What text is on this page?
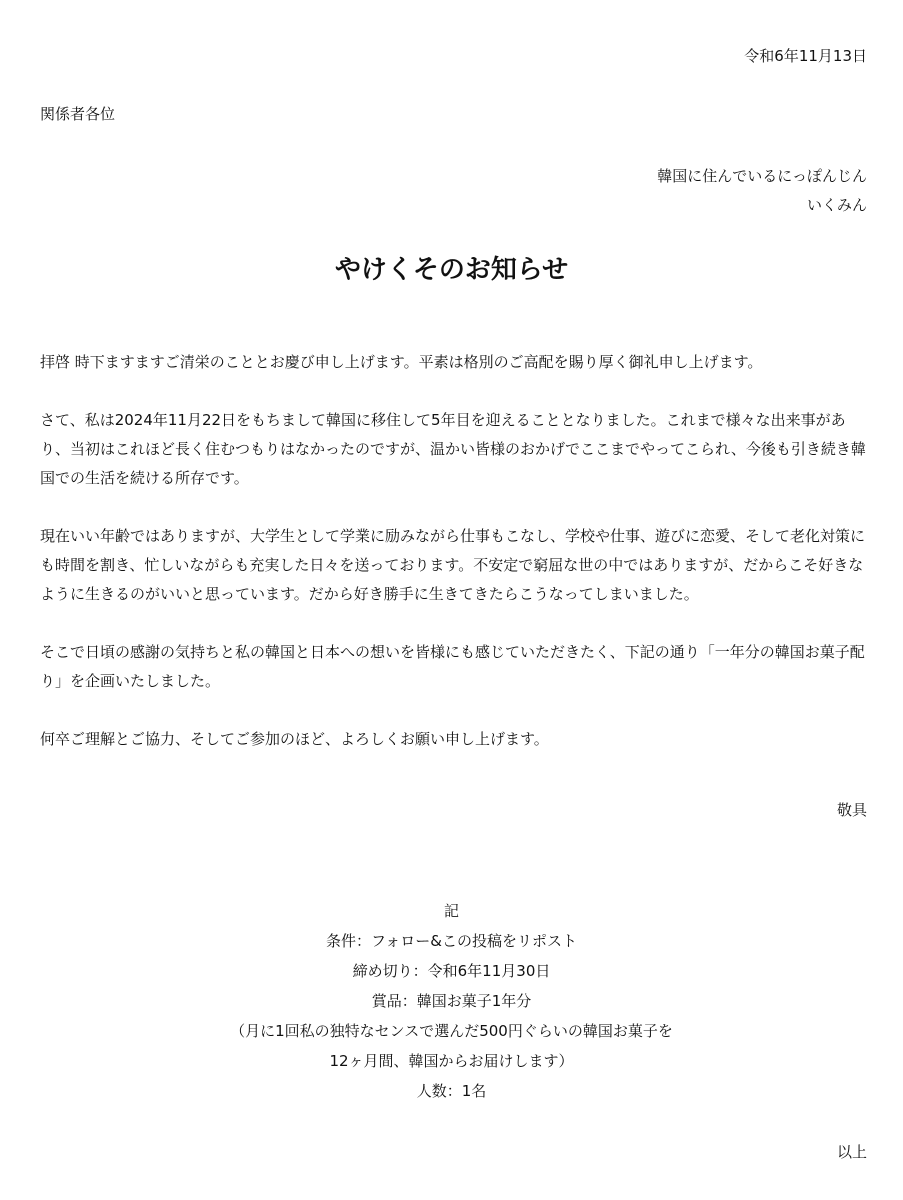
令和6年11月13日
関係者各位
韓国に住んでいるにっぽんじん
いくみん
やけくそのお知らせ

拝啓 時下ますますご清栄のこととお慶び申し上げます。平素は格別のご高配を賜り厚く御礼申し上げます。

さて、私は2024年11月22日をもちまして韓国に移住して5年目を迎えることとなりました。これまで様々な出来事があり、当初はこれほど長く住むつもりはなかったのですが、温かい皆様のおかげでここまでやってこられ、今後も引き続き韓国での生活を続ける所存です。

現在いい年齢ではありますが、大学生として学業に励みながら仕事もこなし、学校や仕事、遊びに恋愛、そして老化対策にも時間を割き、忙しいながらも充実した日々を送っております。不安定で窮屈な世の中ではありますが、だからこそ好きなように生きるのがいいと思っています。だから好き勝手に生きてきたらこうなってしまいました。

そこで日頃の感謝の気持ちと私の韓国と日本への想いを皆様にも感じていただきたく、下記の通り「一年分の韓国お菓子配り」を企画いたしました。

何卒ご理解とご協力、そしてご参加のほど、よろしくお願い申し上げます。

敬具
記
条件：フォロー&この投稿をリポスト
締め切り：令和6年11月30日
賞品：韓国お菓子1年分
（月に1回私の独特なセンスで選んだ500円ぐらいの韓国お菓子を
12ヶ月間、韓国からお届けします）
人数：1名
以上
